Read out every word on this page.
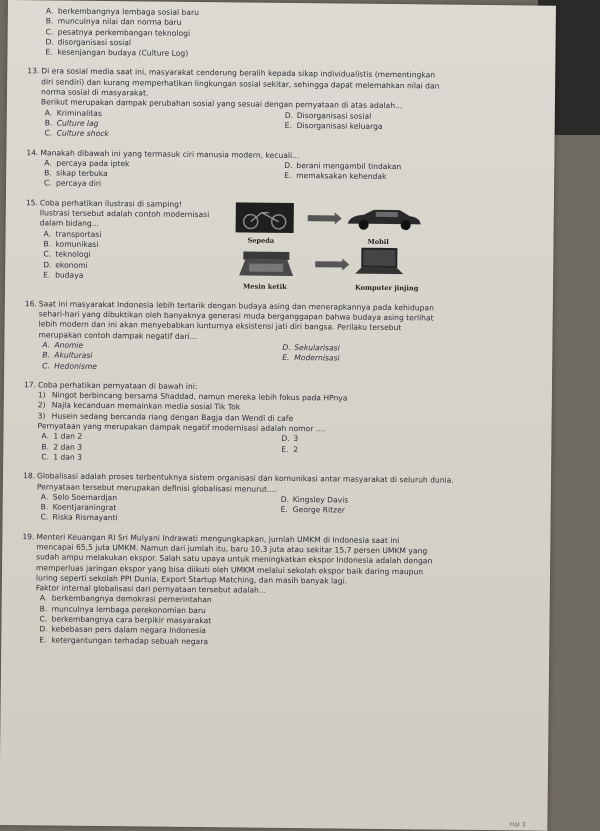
A. berkembangnya lembaga sosial baru
B. munculnya nilai dan norma baru
C. pesatnya perkembangan teknologi
D. disorganisasi sosial
E. kesenjangan budaya (Culture Log)
13. Di era sosial media saat ini, masyarakat cenderung beralih kepada sikap individualistis (mementingkan
diri sendiri) dan kurang memperhatikan lingkungan sosial sekitar, sehingga dapat melemahkan nilai dan
norma sosial di masyarakat.
Berikut merupakan dampak perubahan sosial yang sesuai dengan pernyataan di atas adalah...
A. Kriminalitas	D. Disorganisasi sosial
B. Culture lag	E. Disorganisasi keluarga
C. Culture shock
14. Manakah dibawah ini yang termasuk ciri manusia modern, kecuali...
A. percaya pada iptek	D. berani mengambil tindakan
B. sikap terbuka	E. memaksakan kehendak
C. percaya diri
15. Coba perhatikan ilustrasi di samping!
Ilustrasi tersebut adalah contoh modernisasi
dalam bidang...
A. transportasi
B. komunikasi
C. teknologi
D. ekonomi
E. budaya
Sepeda	Mobil
Mesin ketik	Komputer jinjing
16. Saat ini masyarakat Indonesia lebih tertarik dengan budaya asing dan menerapkannya pada kehidupan
sehari-hari yang dibuktikan oleh banyaknya generasi muda berganggapan bahwa budaya asing terlihat
lebih modern dan ini akan menyebabkan lunturnya eksistensi jati diri bangsa. Perilaku tersebut
merupakan contoh dampak negatif dari...
A. Anomie	D. Sekularisasi
B. Akulturasi	E. Modernisasi
C. Hedonisme
17. Coba perhatikan pernyataan di bawah ini:
1) Ningot berbincang bersama Shaddad, namun mereka lebih fokus pada HPnya
2) Najla kecanduan memainkan media sosial Tik Tok
3) Husein sedang bercanda riang dengan Bagja dan Wendi di cafe
Pernyataan yang merupakan dampak negatif modernisasi adalah nomor ....
A. 1 dan 2	D. 3
B. 2 dan 3	E. 2
C. 1 dan 3
18. Globalisasi adalah proses terbentuknya sistem organisasi dan komunikasi antar masyarakat di seluruh dunia.
Pernyataan tersebut merupakan definisi globalisasi menurut....
A. Selo Soemardjan	D. Kingsley Davis
B. Koentjaraningrat	E. George Ritzer
C. Riska Rismayanti
19. Menteri Keuangan RI Sri Mulyani Indrawati mengungkapkan, jumlah UMKM di Indonesia saat ini
mencapai 65,5 juta UMKM. Namun dari jumlah itu, baru 10,3 juta atau sekitar 15,7 persen UMKM yang
sudah ampu melakukan ekspor. Salah satu upaya untuk meningkatkan ekspor Indonesia adalah dengan
memperluas jaringan ekspor yang bisa diikuti oleh UMKM melalui sekolah ekspor baik daring maupun
luring seperti sekolah PPI Dunia, Export Startup Matching, dan masih banyak lagi.
Faktor internal globalisasi dari pernyataan tersebut adalah...
A. berkembangnya demokrasi pemerintahan
B. munculnya lembaga perekonomian baru
C. berkembangnya cara berpikir masyarakat
D. kebebasan pers dalam negara Indonesia
E. ketergantungan terhadap sebuah negara
Hal 3
